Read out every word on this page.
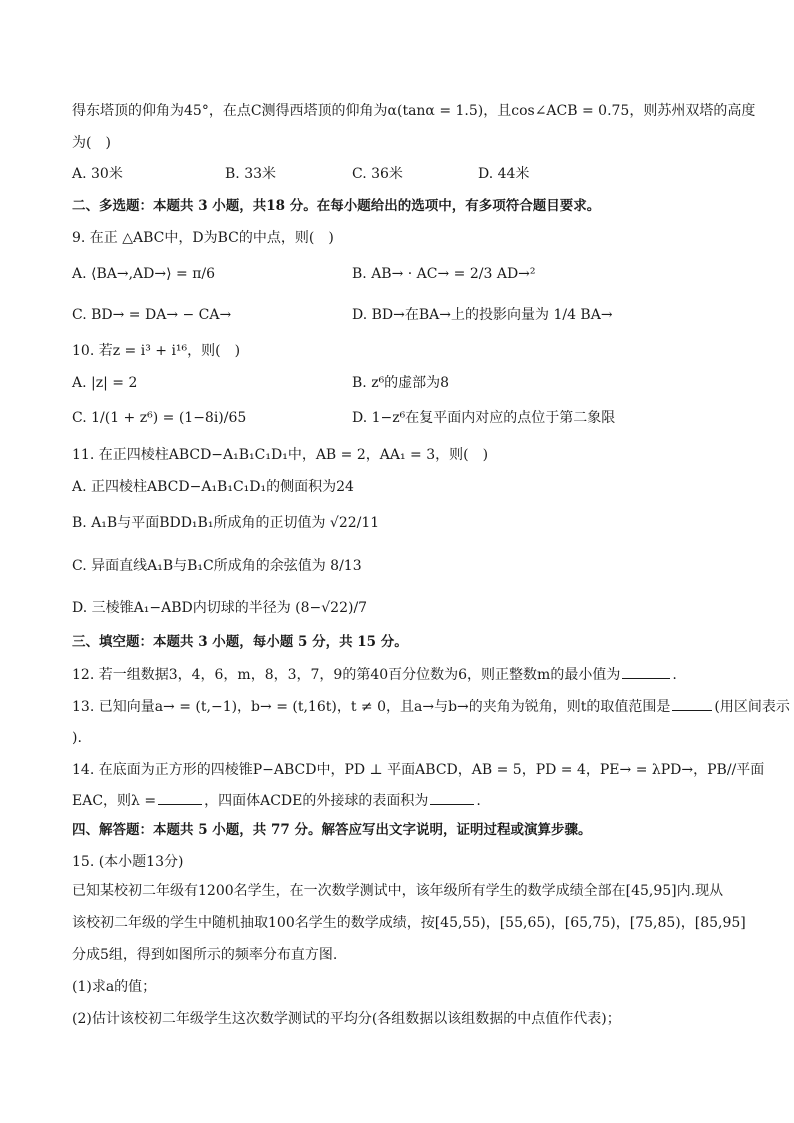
得东塔顶的仰角为45°，在点C测得西塔顶的仰角为α(tanα = 1.5)，且cos∠ACB = 0.75，则苏州双塔的高度
为(　)
A. 30米	B. 33米	C. 36米	D. 44米
二、多选题：本题共 3 小题，共18 分。在每小题给出的选项中，有多项符合题目要求。
9. 在正 △ABC中，D为BC的中点，则(　)
A. ⟨BA→,AD→⟩ = π/6	B. AB→ · AC→ = 2/3 AD→²
C. BD→ = DA→ − CA→	D. BD→在BA→上的投影向量为 1/4 BA→
10. 若z = i³ + i¹⁶，则(　)
A. |z| = 2	B. z⁶的虚部为8
C. 1/(1 + z⁶) = (1−8i)/65	D. 1−z⁶在复平面内对应的点位于第二象限
11. 在正四棱柱ABCD−A₁B₁C₁D₁中，AB = 2，AA₁ = 3，则(　)
A. 正四棱柱ABCD−A₁B₁C₁D₁的侧面积为24
B. A₁B与平面BDD₁B₁所成角的正切值为 √22/11
C. 异面直线A₁B与B₁C所成角的余弦值为 8/13
D. 三棱锥A₁−ABD内切球的半径为 (8−√22)/7
三、填空题：本题共 3 小题，每小题 5 分，共 15 分。
12. 若一组数据3，4，6，m，8，3，7，9的第40百分位数为6，则正整数m的最小值为	.
13. 已知向量a→ = (t,−1)，b→ = (t,16t)，t ≠ 0，且a→与b→的夹角为锐角，则t的取值范围是	(用区间表示
).
14. 在底面为正方形的四棱锥P−ABCD中，PD ⊥ 平面ABCD，AB = 5，PD = 4，PE→ = λPD→，PB//平面
EAC，则λ =	，四面体ACDE的外接球的表面积为	.
四、解答题：本题共 5 小题，共 77 分。解答应写出文字说明，证明过程或演算步骤。
15. (本小题13分)
已知某校初二年级有1200名学生，在一次数学测试中，该年级所有学生的数学成绩全部在[45,95]内.现从
该校初二年级的学生中随机抽取100名学生的数学成绩，按[45,55)，[55,65)，[65,75)，[75,85)，[85,95]
分成5组，得到如图所示的频率分布直方图.
(1)求a的值；
(2)估计该校初二年级学生这次数学测试的平均分(各组数据以该组数据的中点值作代表)；
